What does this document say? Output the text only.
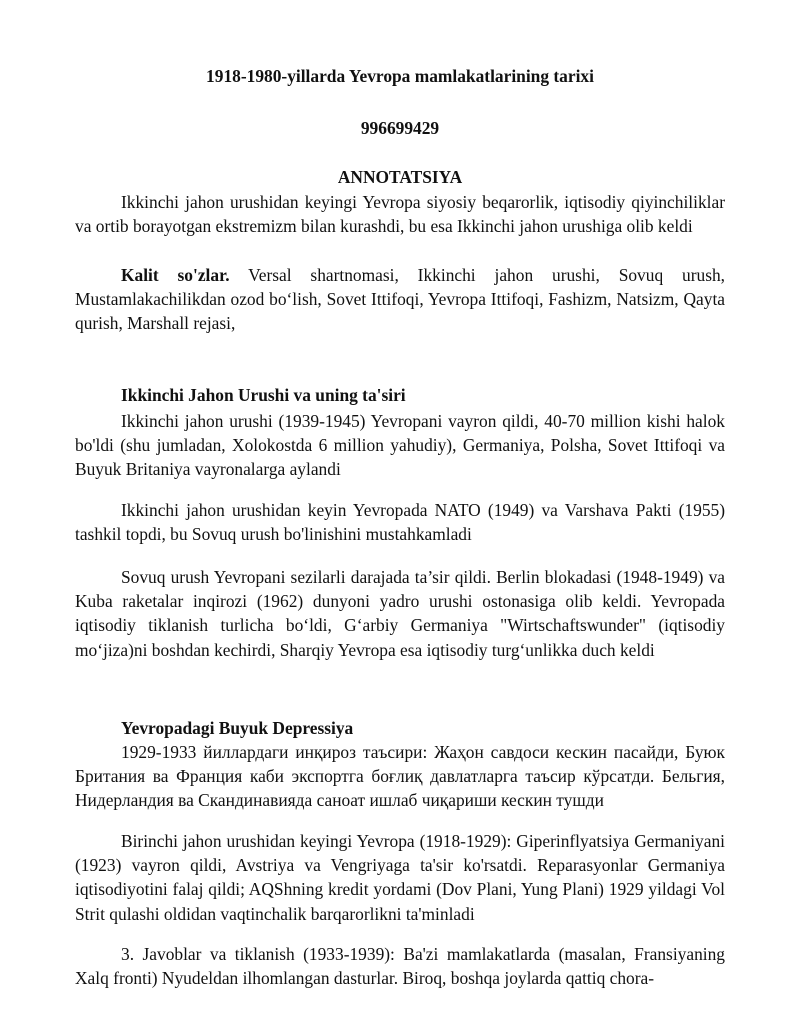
1918-1980-yillarda Yevropa mamlakatlarining tarixi
996699429
ANNOTATSIYA
Ikkinchi jahon urushidan keyingi Yevropa siyosiy beqarorlik, iqtisodiy qiyinchiliklar va ortib borayotgan ekstremizm bilan kurashdi, bu esa Ikkinchi jahon urushiga olib keldi
Kalit so'zlar. Versal shartnomasi, Ikkinchi jahon urushi, Sovuq urush, Mustamlakachilikdan ozod bo‘lish, Sovet Ittifoqi, Yevropa Ittifoqi, Fashizm, Natsizm, Qayta qurish, Marshall rejasi,
Ikkinchi Jahon Urushi va uning ta'siri
Ikkinchi jahon urushi (1939-1945) Yevropani vayron qildi, 40-70 million kishi halok bo'ldi (shu jumladan, Xolokostda 6 million yahudiy), Germaniya, Polsha, Sovet Ittifoqi va Buyuk Britaniya vayronalarga aylandi
Ikkinchi jahon urushidan keyin Yevropada NATO (1949) va Varshava Pakti (1955) tashkil topdi, bu Sovuq urush bo'linishini mustahkamladi
Sovuq urush Yevropani sezilarli darajada ta’sir qildi. Berlin blokadasi (1948-1949) va Kuba raketalar inqirozi (1962) dunyoni yadro urushi ostonasiga olib keldi. Yevropada iqtisodiy tiklanish turlicha bo‘ldi, G‘arbiy Germaniya "Wirtschaftswunder" (iqtisodiy mo‘jiza)ni boshdan kechirdi, Sharqiy Yevropa esa iqtisodiy turg‘unlikka duch keldi
Yevropadagi Buyuk Depressiya
1929-1933 йиллардаги инқироз таъсири: Жаҳон савдоси кескин пасайди, Буюк Британия ва Франция каби экспортга боғлиқ давлатларга таъсир кўрсатди. Бельгия, Нидерландия ва Скандинавияда саноат ишлаб чиқариши кескин тушди
Birinchi jahon urushidan keyingi Yevropa (1918-1929): Giperinflyatsiya Germaniyani (1923) vayron qildi, Avstriya va Vengriyaga ta'sir ko'rsatdi. Reparasyonlar Germaniya iqtisodiyotini falaj qildi; AQShning kredit yordami (Dov Plani, Yung Plani) 1929 yildagi Vol Strit qulashi oldidan vaqtinchalik barqarorlikni ta'minladi
3. Javoblar va tiklanish (1933-1939): Ba'zi mamlakatlarda (masalan, Fransiyaning Xalq fronti) Nyudeldan ilhomlangan dasturlar. Biroq, boshqa joylarda qattiq chora-
